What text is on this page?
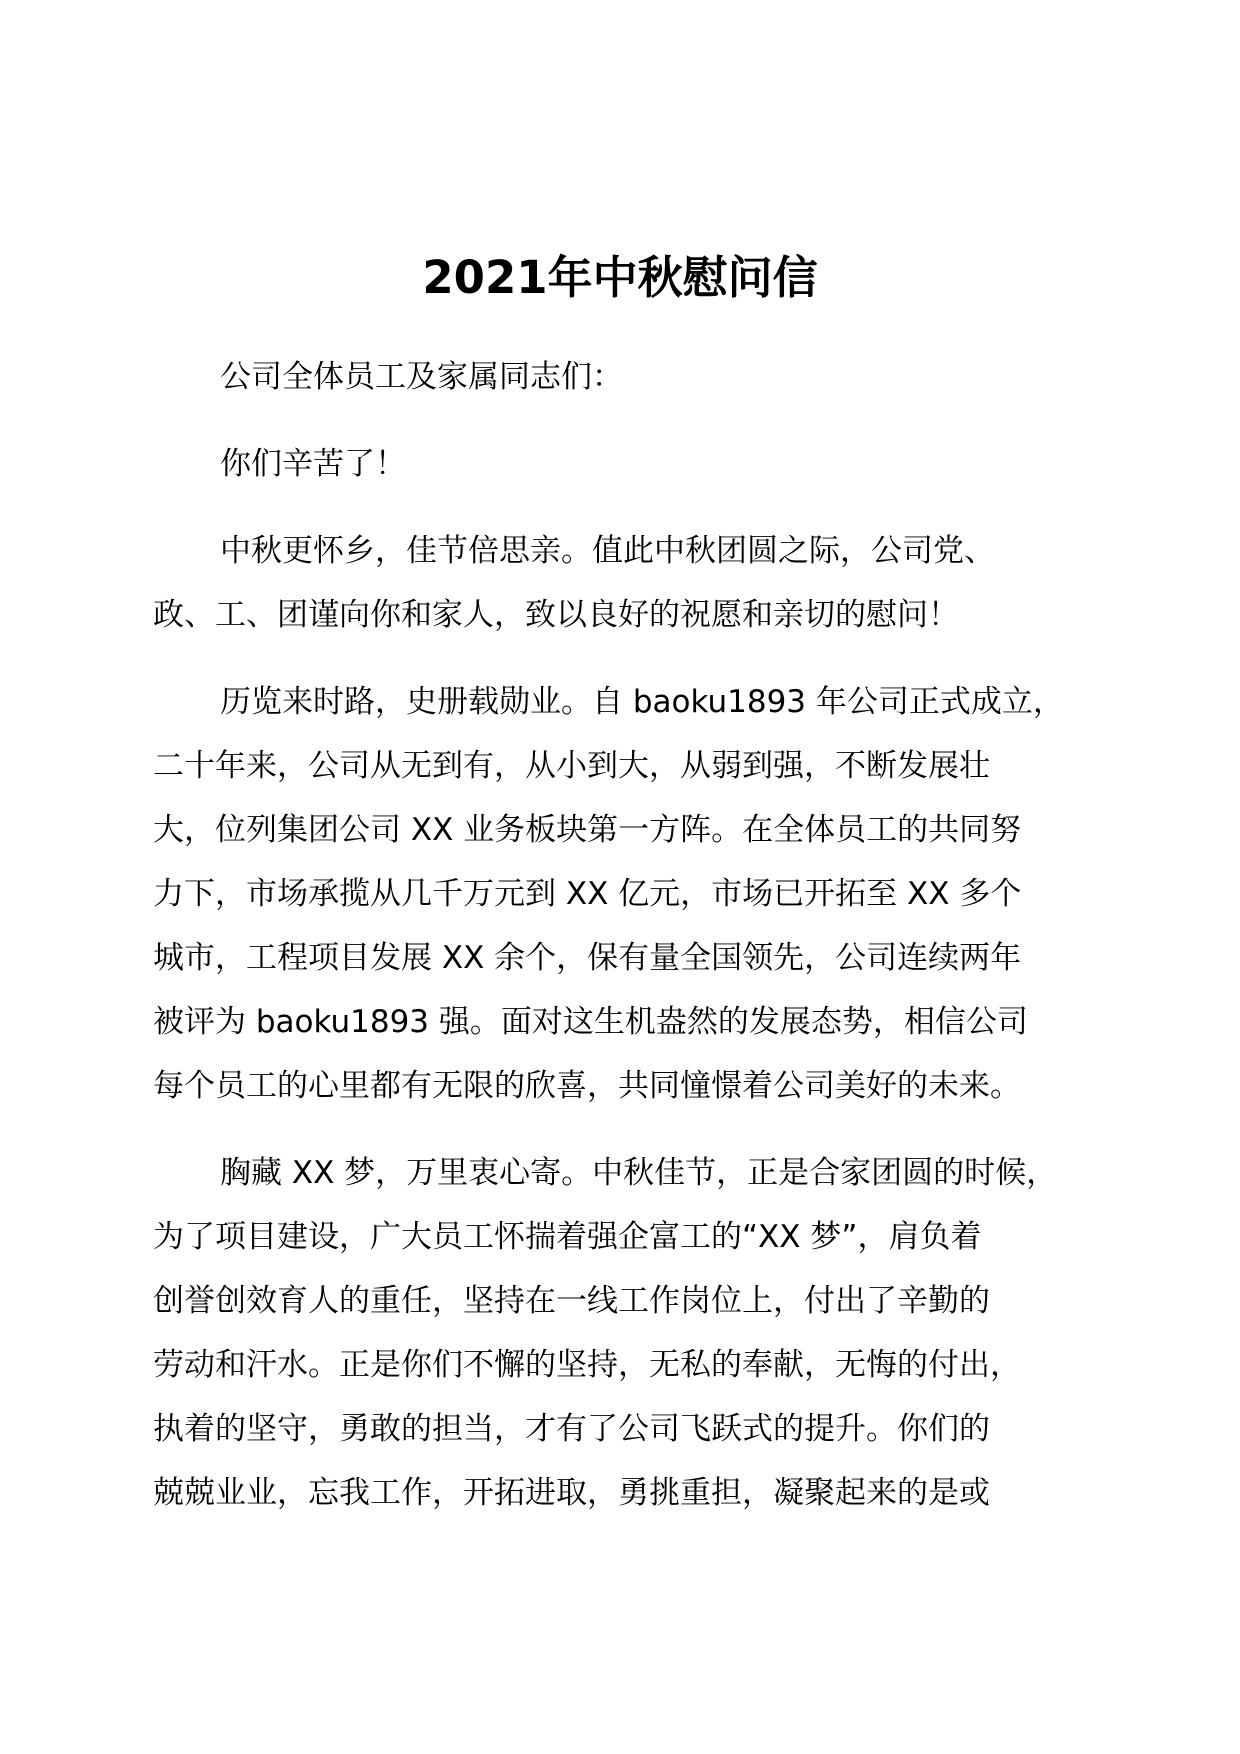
2021年中秋慰问信
公司全体员工及家属同志们：
你们辛苦了！
中秋更怀乡，佳节倍思亲。值此中秋团圆之际，公司党、
政、工、团谨向你和家人，致以良好的祝愿和亲切的慰问！
历览来时路，史册载勋业。自 baoku1893 年公司正式成立，
二十年来，公司从无到有，从小到大，从弱到强，不断发展壮
大，位列集团公司 XX 业务板块第一方阵。在全体员工的共同努
力下，市场承揽从几千万元到 XX 亿元，市场已开拓至 XX 多个
城市，工程项目发展 XX 余个，保有量全国领先，公司连续两年
被评为 baoku1893 强。面对这生机盎然的发展态势，相信公司
每个员工的心里都有无限的欣喜，共同憧憬着公司美好的未来。
胸藏 XX 梦，万里衷心寄。中秋佳节，正是合家团圆的时候，
为了项目建设，广大员工怀揣着强企富工的“XX 梦”，肩负着
创誉创效育人的重任，坚持在一线工作岗位上，付出了辛勤的
劳动和汗水。正是你们不懈的坚持，无私的奉献，无悔的付出，
执着的坚守，勇敢的担当，才有了公司飞跃式的提升。你们的
兢兢业业，忘我工作，开拓进取，勇挑重担，凝聚起来的是或
